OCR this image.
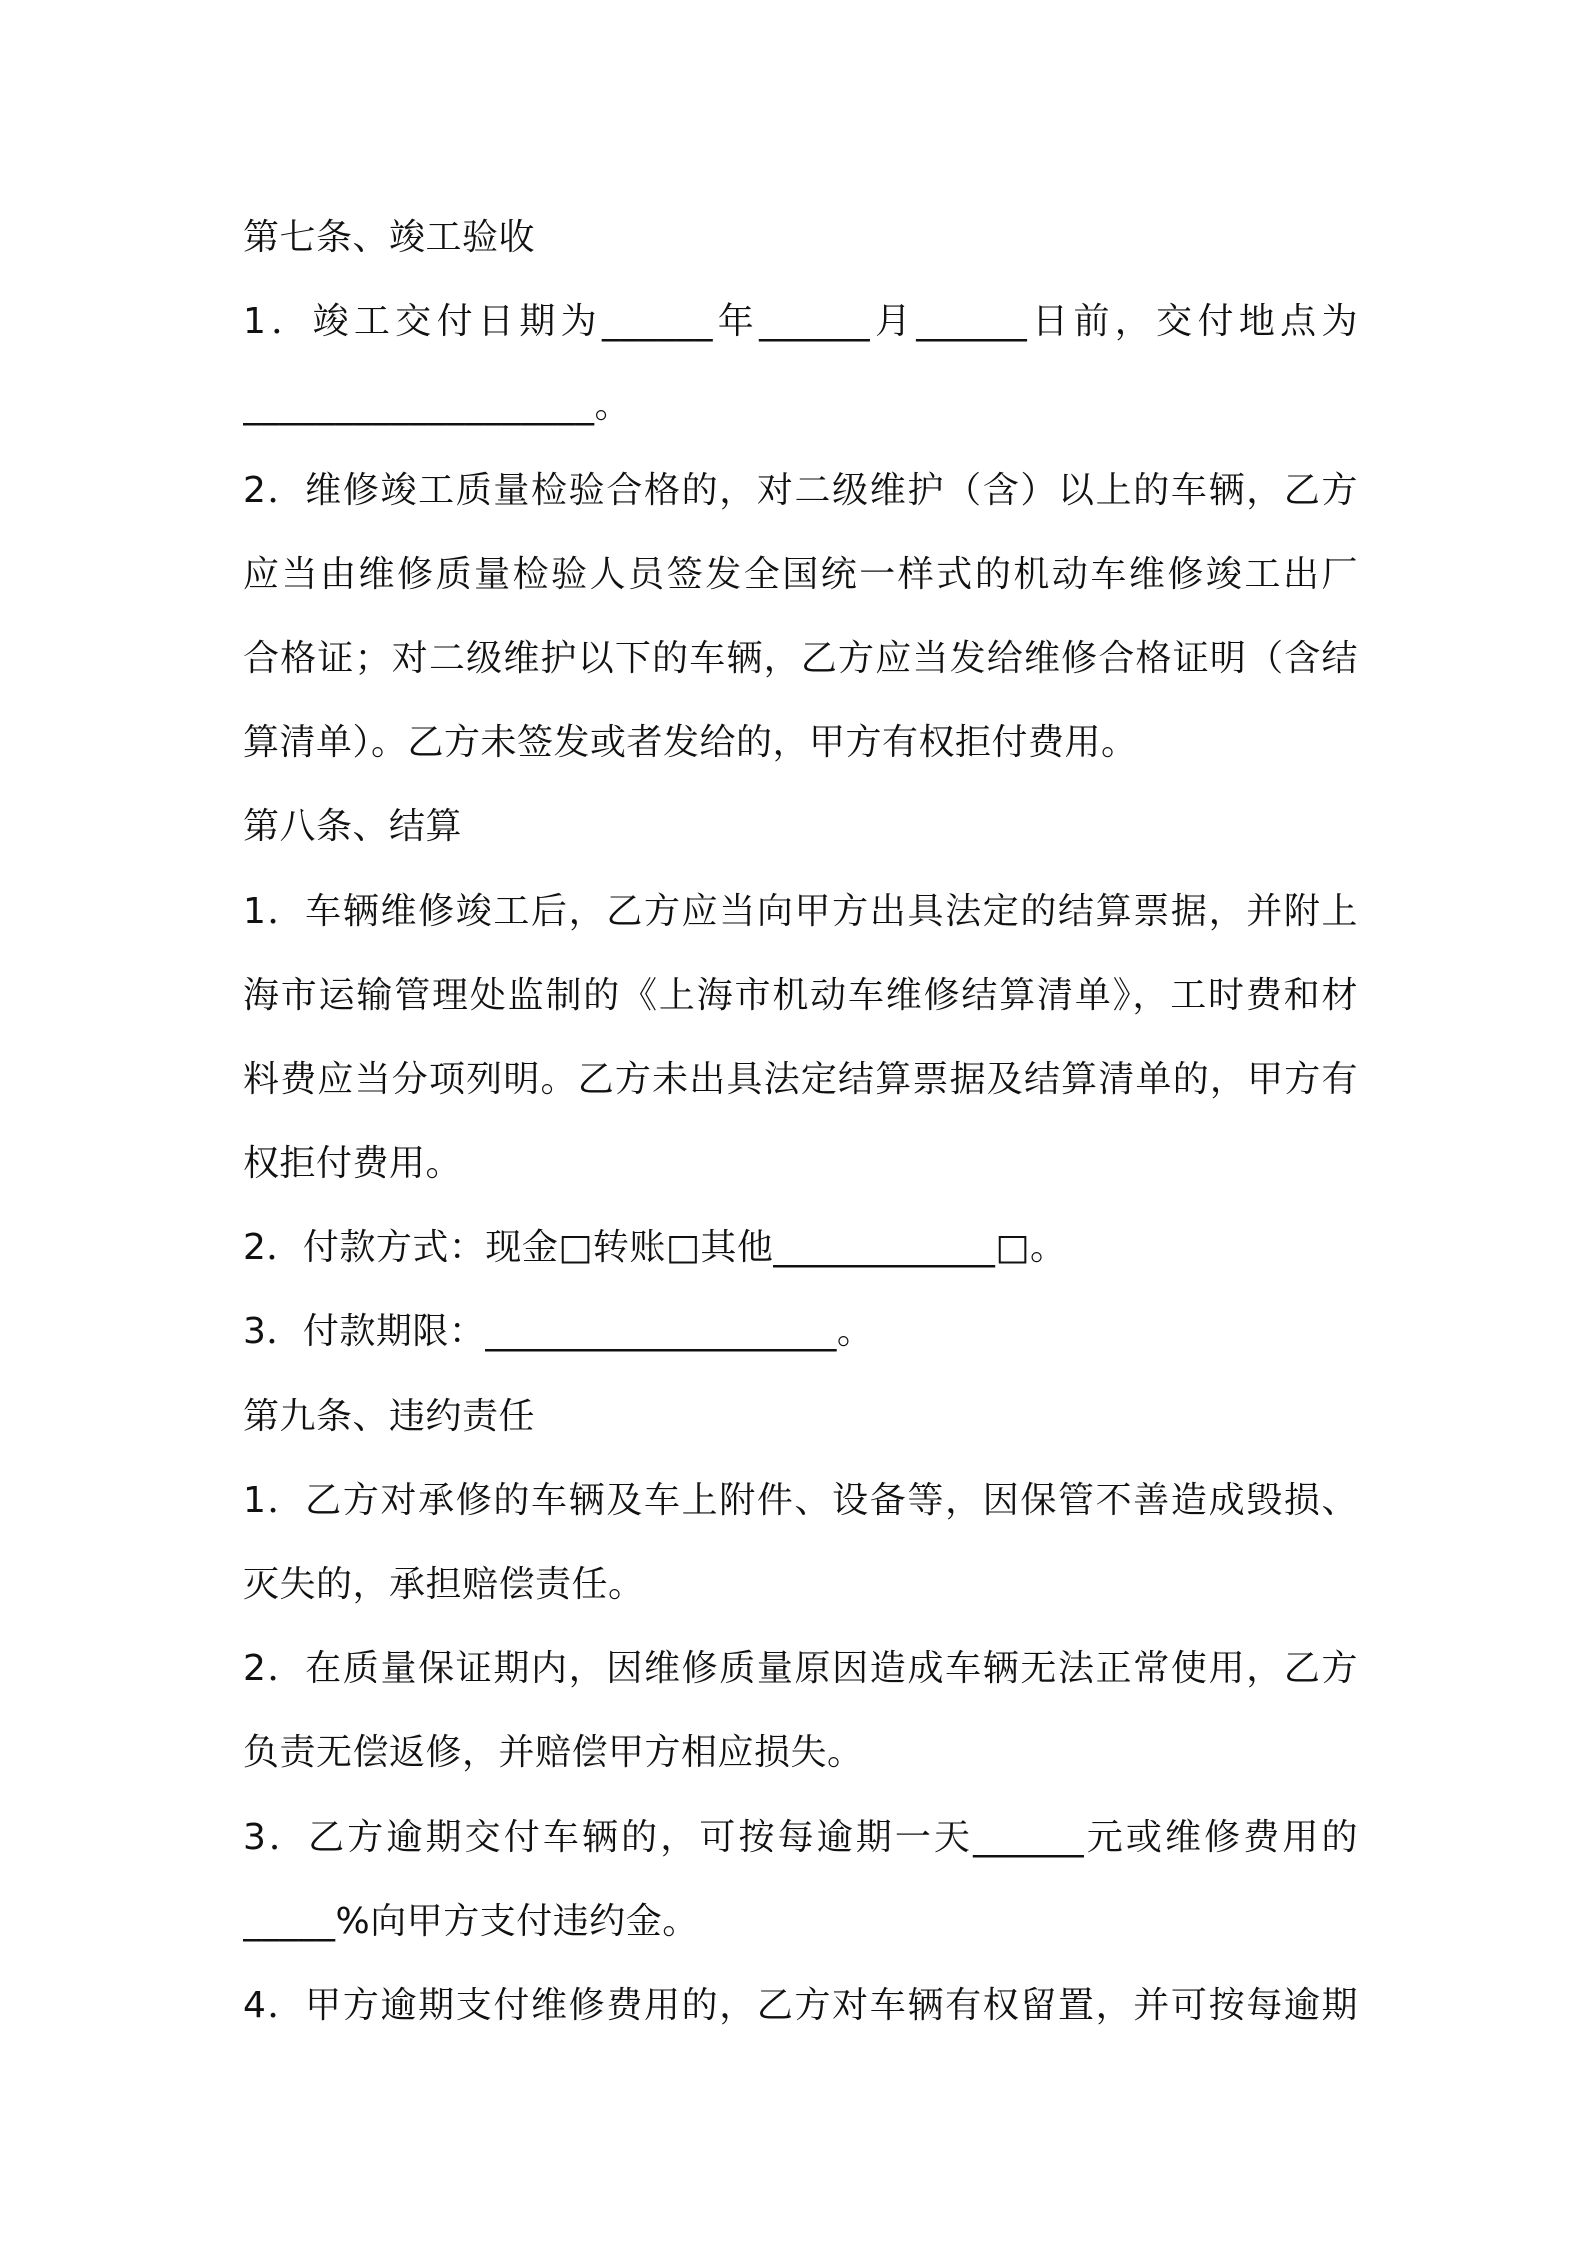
第七条、竣工验收
1．竣工交付日期为______年______月______日前，交付地点为
___________________。
2．维修竣工质量检验合格的，对二级维护（含）以上的车辆，乙方
应当由维修质量检验人员签发全国统一样式的机动车维修竣工出厂
合格证；对二级维护以下的车辆，乙方应当发给维修合格证明（含结
算清单）。乙方未签发或者发给的，甲方有权拒付费用。
第八条、结算
1．车辆维修竣工后，乙方应当向甲方出具法定的结算票据，并附上
海市运输管理处监制的《上海市机动车维修结算清单》，工时费和材
料费应当分项列明。乙方未出具法定结算票据及结算清单的，甲方有
权拒付费用。
2．付款方式：现金□转账□其他____________□。
3．付款期限：___________________。
第九条、违约责任
1．乙方对承修的车辆及车上附件、设备等，因保管不善造成毁损、
灭失的，承担赔偿责任。
2．在质量保证期内，因维修质量原因造成车辆无法正常使用，乙方
负责无偿返修，并赔偿甲方相应损失。
3．乙方逾期交付车辆的，可按每逾期一天______元或维修费用的
_____%向甲方支付违约金。
4．甲方逾期支付维修费用的，乙方对车辆有权留置，并可按每逾期
